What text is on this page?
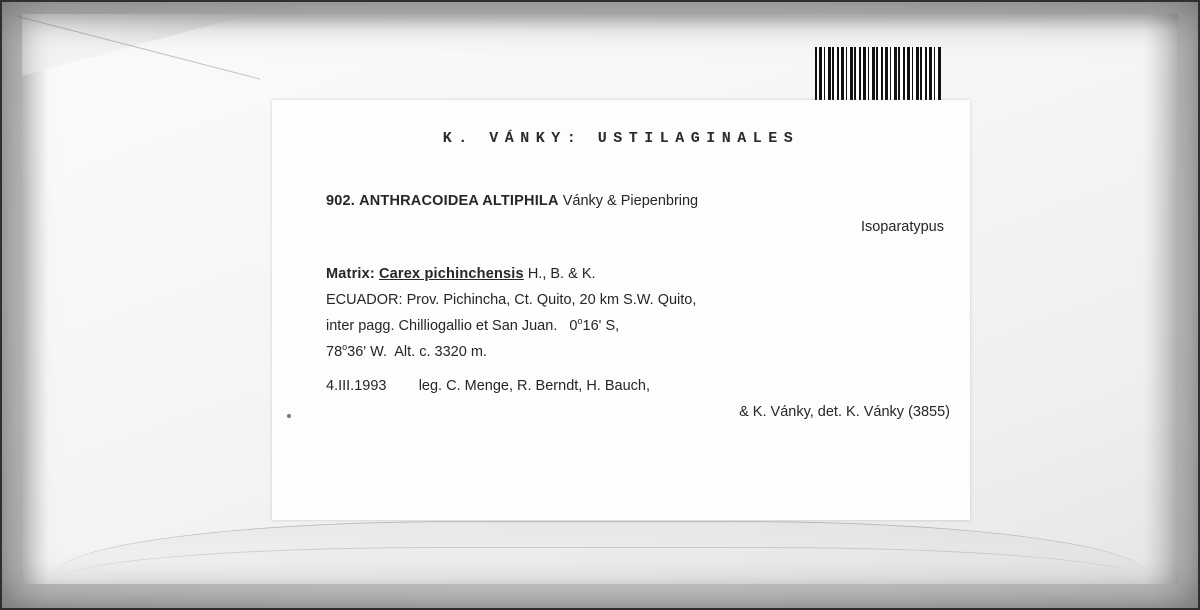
K. VÁNKY: USTILAGINALES
902. ANTHRACOIDEA ALTIPHILA Vánky & Piepenbring
Isoparatypus
Matrix: Carex pichinchensis H., B. & K.
ECUADOR: Prov. Pichincha, Ct. Quito, 20 km S.W. Quito,
inter pagg. Chilliogallio et San Juan.   0$^o$16' S,
78$^o$36' W.  Alt. c. 3320 m.
4.III.1993 leg. C. Menge, R. Berndt, H. Bauch,
& K. Vánky, det. K. Vánky (3855)
